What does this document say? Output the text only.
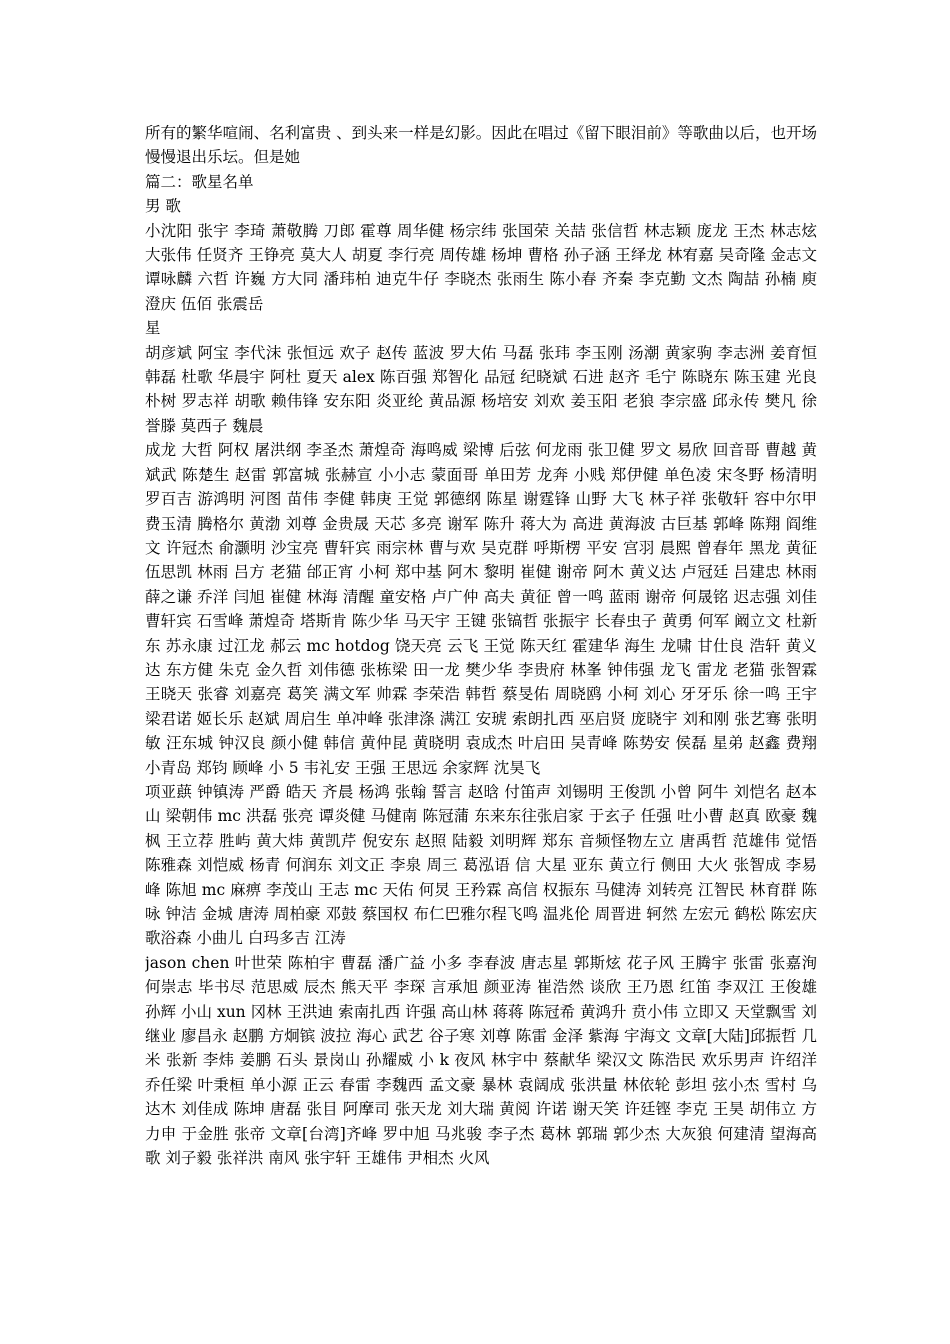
所有的繁华喧闹、名利富贵 、到头来一样是幻影。因此在唱过《留下眼泪前》等歌曲以后，也开场慢慢退出乐坛。但是她

篇二：歌星名单

男 歌

小沈阳 张宇 李琦 萧敬腾 刀郎 霍尊 周华健 杨宗纬 张国荣 关喆 张信哲 林志颖 庞龙 王杰 林志炫 大张伟 任贤齐 王铮亮 莫大人 胡夏 李行亮 周传雄 杨坤 曹格 孙子涵 王绎龙 林宥嘉 吴奇隆 金志文 谭咏麟 六哲 许巍 方大同 潘玮柏 迪克牛仔 李晓杰 张雨生 陈小春 齐秦 李克勤 文杰 陶喆 孙楠 庾澄庆 伍佰 张震岳

星

胡彦斌 阿宝 李代沫 张恒远 欢子 赵传 蓝波 罗大佑 马磊 张玮 李玉刚 汤潮 黄家驹 李志洲 姜育恒 韩磊 杜歌 华晨宇 阿杜 夏天 alex 陈百强 郑智化 品冠 纪晓斌 石进 赵齐 毛宁 陈晓东 陈玉建 光良 朴树 罗志祥 胡歌 赖伟锋 安东阳 炎亚纶 黄品源 杨培安 刘欢 姜玉阳 老狼 李宗盛 邱永传 樊凡 徐誉滕 莫西子 魏晨

成龙 大哲 阿权 屠洪纲 李圣杰 萧煌奇 海鸣威 梁博 后弦 何龙雨 张卫健 罗文 易欣 回音哥 曹越 黄斌武 陈楚生 赵雷 郭富城 张赫宣 小小志 蒙面哥 单田芳 龙奔 小贱 郑伊健 单色凌 宋冬野 杨清明 罗百吉 游鸿明 河图 苗伟 李健 韩庚 王觉 郭德纲 陈星 谢霆锋 山野 大飞 林子祥 张敬轩 容中尔甲费玉清 腾格尔 黄渤 刘尊 金贵晟 天芯 多亮 谢军 陈升 蒋大为 高进 黄海波 古巨基 郭峰 陈翔 阎维文 许冠杰 俞灏明 沙宝亮 曹轩宾 雨宗林 曹与欢 吴克群 呼斯楞 平安 宫羽 晨熙 曾春年 黑龙 黄征 伍思凯 林雨 吕方 老猫 邰正宵 小柯 郑中基 阿木 黎明 崔健 谢帝 阿木 黄义达 卢冠廷 吕建忠 林雨 薛之谦 乔洋 闫旭 崔健 林海 清醒 童安格 卢广仲 高夫 黄征 曾一鸣 蓝雨 谢帝 何晟铭 迟志强 刘佳 曹轩宾 石雪峰 萧煌奇 塔斯肯 陈少华 马天宇 王键 张镐哲 张振宇 长春虫子 黄勇 何军 阚立文 杜新东 苏永康 过江龙 郝云 mc hotdog 饶天亮 云飞 王觉 陈天红 霍建华 海生 龙啸 甘仕良 浩轩 黄义达 东方健 朱克 金久哲 刘伟德 张栋梁 田一龙 樊少华 李贵府 林峯 钟伟强 龙飞 雷龙 老猫 张智霖 王晓天 张睿 刘嘉亮 葛笑 满文军 帅霖 李荣浩 韩哲 蔡旻佑 周晓鸥 小柯 刘心 牙牙乐 徐一鸣 王宇 梁君诺 姬长乐 赵斌 周启生 单冲峰 张津涤 满江 安琥 索朗扎西 巫启贤 庞晓宇 刘和刚 张艺骞 张明敏 汪东城 钟汉良 颜小健 韩信 黄仲昆 黄晓明 袁成杰 叶启田 吴青峰 陈势安 侯磊 星弟 赵鑫 费翔 小青岛 郑钧 顾峰 小 5 韦礼安 王强 王思远 余家辉 沈昊飞

项亚蕻 钟镇涛 严爵 皓天 齐晨 杨鸿 张翰 誓言 赵晗 付笛声 刘锡明 王俊凯 小曾 阿牛 刘恺名 赵本山 梁朝伟 mc 洪磊 张亮 谭炎健 马健南 陈冠蒲 东来东往张启家 于玄子 任强 吐小曹 赵真 欧豪 魏枫 王立荐 胜屿 黄大炜 黄凯芹 倪安东 赵照 陆毅 刘明辉 郑东 音频怪物左立 唐禹哲 范雄伟 觉悟 陈雅森 刘恺威 杨青 何润东 刘文正 李泉 周三 葛泓语 信 大星 亚东 黄立行 侧田 大火 张智成 李易峰 陈旭 mc 麻痹 李茂山 王志 mc 天佑 何炅 王矜霖 高信 权振东 马健涛 刘转亮 江智民 林育群 陈咏 钟洁 金城 唐涛 周柏豪 邓鼓 蔡国权 布仁巴雅尔程飞鸣 温兆伦 周晋进 轲然 左宏元 鹤松 陈宏庆 歌浴森 小曲儿 白玛多吉 江涛

jason chen 叶世荣 陈柏宇 曹磊 潘广益 小多 李春波 唐志星 郭斯炫 花子风 王腾宇 张雷 张嘉洵 何崇志 毕书尽 范思威 辰杰 熊天平 李琛 言承旭 颜亚涛 崔浩然 谈欣 王乃恩 红笛 李双江 王俊雄 孙辉 小山 xun 冈林 王洪迪 索南扎西 许强 高山林 蒋蒋 陈冠希 黄鸿升 贲小伟 立即又 天堂飘雪 刘继业 廖昌永 赵鹏 方炯镔 波拉 海心 武艺 谷子寒 刘尊 陈雷 金泽 紫海 宇海文 文章[大陆]邱振哲 几米 张新 李炜 姜鹏 石头 景岗山 孙耀威 小 k 夜风 林宇中 蔡献华 梁汉文 陈浩民 欢乐男声 许绍洋 乔任梁 叶秉桓 单小源 正云 春雷 李魏西 孟文豪 暴林 袁阔成 张洪量 林依轮 彭坦 弦小杰 雪村 乌达木 刘佳成 陈坤 唐磊 张目 阿摩司 张天龙 刘大瑞 黄阅 许诺 谢天笑 许廷铿 李克 王昊 胡伟立 方力申 于金胜 张帝 文章[台湾]齐峰 罗中旭 马兆骏 李子杰 葛林 郭瑞 郭少杰 大灰狼 何建清 望海高歌 刘子毅 张祥洪 南风 张宇轩 王雄伟 尹相杰 火风
